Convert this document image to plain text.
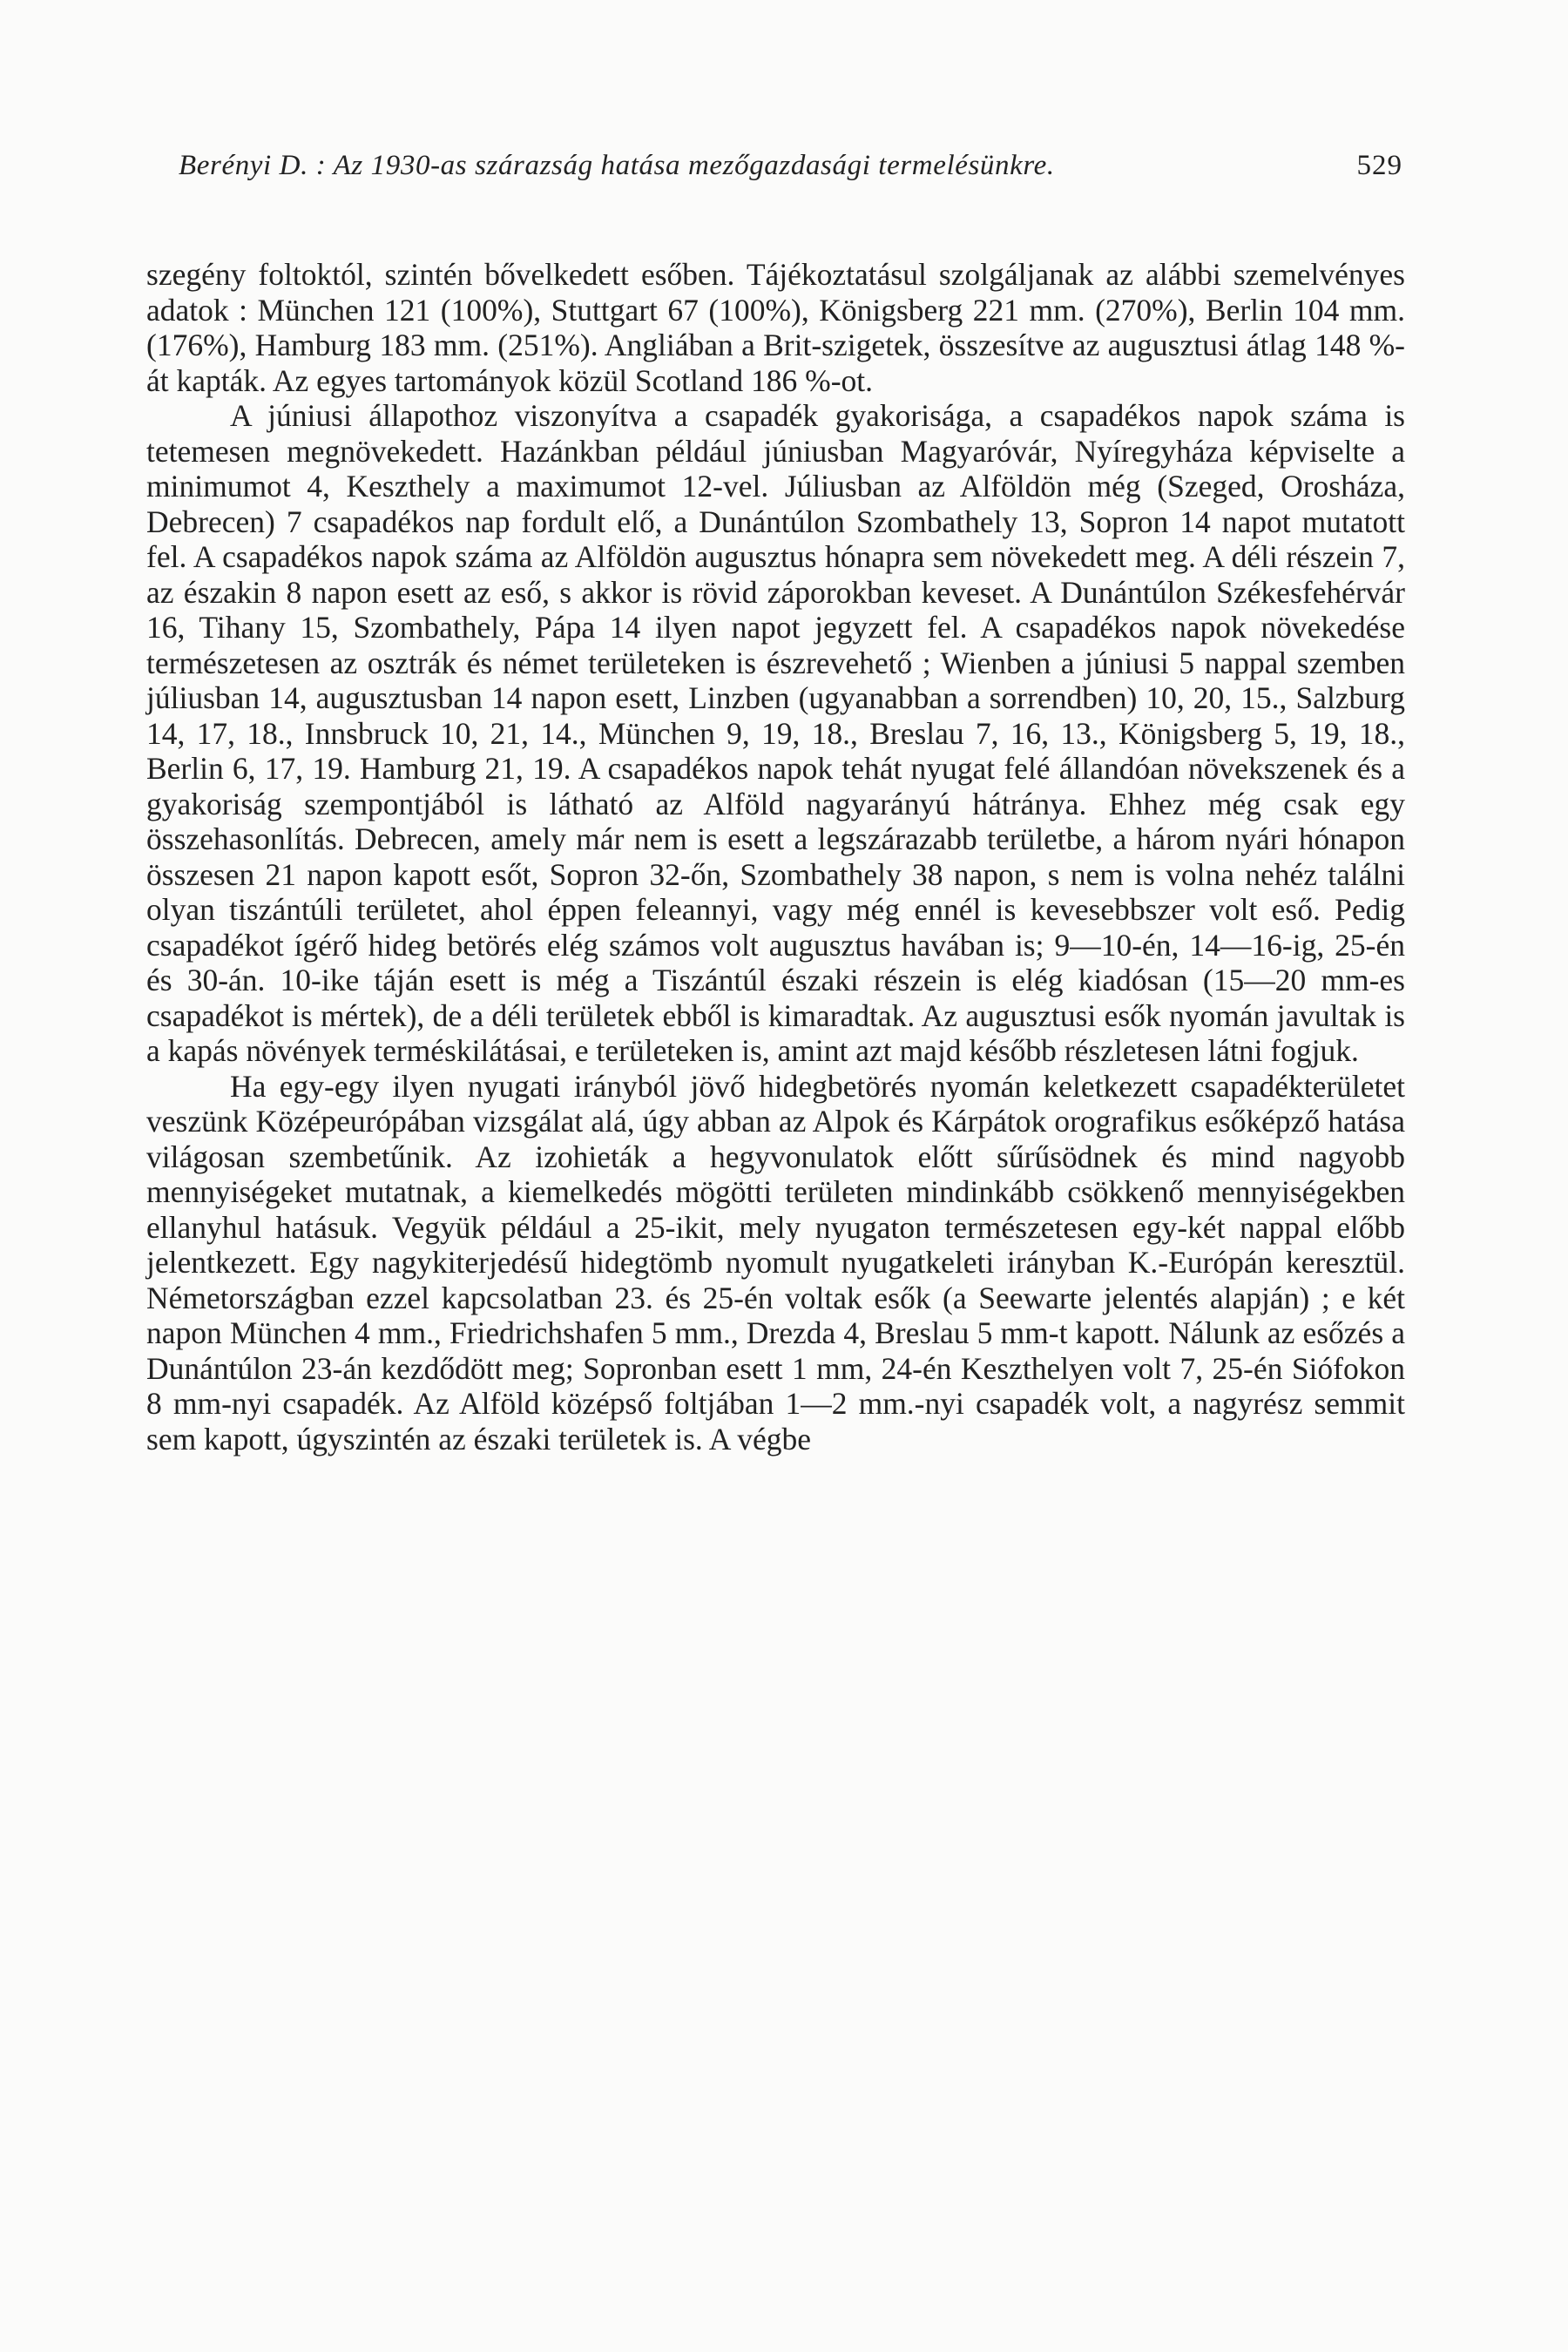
Berényi D. : Az 1930-as szárazság hatása mezőgazdasági termelésünkre.	529

szegény foltoktól, szintén bővelkedett esőben. Tájékoztatásul szolgáljanak az alábbi szemelvényes adatok : München 121 (100%), Stuttgart 67 (100%), Königsberg 221 mm. (270%), Berlin 104 mm. (176%), Hamburg 183 mm. (251%). Angliában a Brit-szigetek, összesítve az augusztusi átlag 148 %-át kapták. Az egyes tartományok közül Scotland 186 %-ot.

A júniusi állapothoz viszonyítva a csapadék gyakorisága, a csapadékos napok száma is tetemesen megnövekedett. Hazánkban például júniusban Magyaróvár, Nyíregyháza képviselte a minimumot 4, Keszthely a maximumot 12-vel. Júliusban az Alföldön még (Szeged, Orosháza, Debrecen) 7 csapadékos nap fordult elő, a Dunántúlon Szombathely 13, Sopron 14 napot mutatott fel. A csapadékos napok száma az Alföldön augusztus hónapra sem növekedett meg. A déli részein 7, az északin 8 napon esett az eső, s akkor is rövid záporokban keveset. A Dunántúlon Székesfehérvár 16, Tihany 15, Szombathely, Pápa 14 ilyen napot jegyzett fel. A csapadékos napok növekedése természetesen az osztrák és német területeken is észrevehető ; Wienben a júniusi 5 nappal szemben júliusban 14, augusztusban 14 napon esett, Linzben (ugyanabban a sorrendben) 10, 20, 15., Salzburg 14, 17, 18., Innsbruck 10, 21, 14., München 9, 19, 18., Breslau 7, 16, 13., Königsberg 5, 19, 18., Berlin 6, 17, 19. Hamburg 21, 19. A csapadékos napok tehát nyugat felé állandóan növekszenek és a gyakoriság szempontjából is látható az Alföld nagyarányú hátránya. Ehhez még csak egy összehasonlítás. Debrecen, amely már nem is esett a legszárazabb területbe, a három nyári hónapon összesen 21 napon kapott esőt, Sopron 32-őn, Szombathely 38 napon, s nem is volna nehéz találni olyan tiszántúli területet, ahol éppen feleannyi, vagy még ennél is kevesebbszer volt eső. Pedig csapadékot ígérő hideg betörés elég számos volt augusztus havában is; 9—10-én, 14—16-ig, 25-én és 30-án. 10-ike táján esett is még a Tiszántúl északi részein is elég kiadósan (15—20 mm-es csapadékot is mértek), de a déli területek ebből is kimaradtak. Az augusztusi esők nyomán javultak is a kapás növények terméskilátásai, e területeken is, amint azt majd később részletesen látni fogjuk.

Ha egy-egy ilyen nyugati irányból jövő hidegbetörés nyomán keletkezett csapadékterületet veszünk Középeurópában vizsgálat alá, úgy abban az Alpok és Kárpátok orografikus esőképző hatása világosan szembetűnik. Az izohieták a hegyvonulatok előtt sűrűsödnek és mind nagyobb mennyiségeket mutatnak, a kiemelkedés mögötti területen mindinkább csökkenő mennyiségekben ellanyhul hatásuk. Vegyük például a 25-ikit, mely nyugaton természetesen egy-két nappal előbb jelentkezett. Egy nagykiterjedésű hidegtömb nyomult nyugatkeleti irányban K.-Európán keresztül. Németországban ezzel kapcsolatban 23. és 25-én voltak esők (a Seewarte jelentés alapján) ; e két napon München 4 mm., Friedrichshafen 5 mm., Drezda 4, Breslau 5 mm-t kapott. Nálunk az esőzés a Dunántúlon 23-án kezdődött meg; Sopronban esett 1 mm, 24-én Keszthelyen volt 7, 25-én Siófokon 8 mm-nyi csapadék. Az Alföld középső foltjában 1—2 mm.-nyi csapadék volt, a nagyrész semmit sem kapott, úgyszintén az északi területek is. A végbe
